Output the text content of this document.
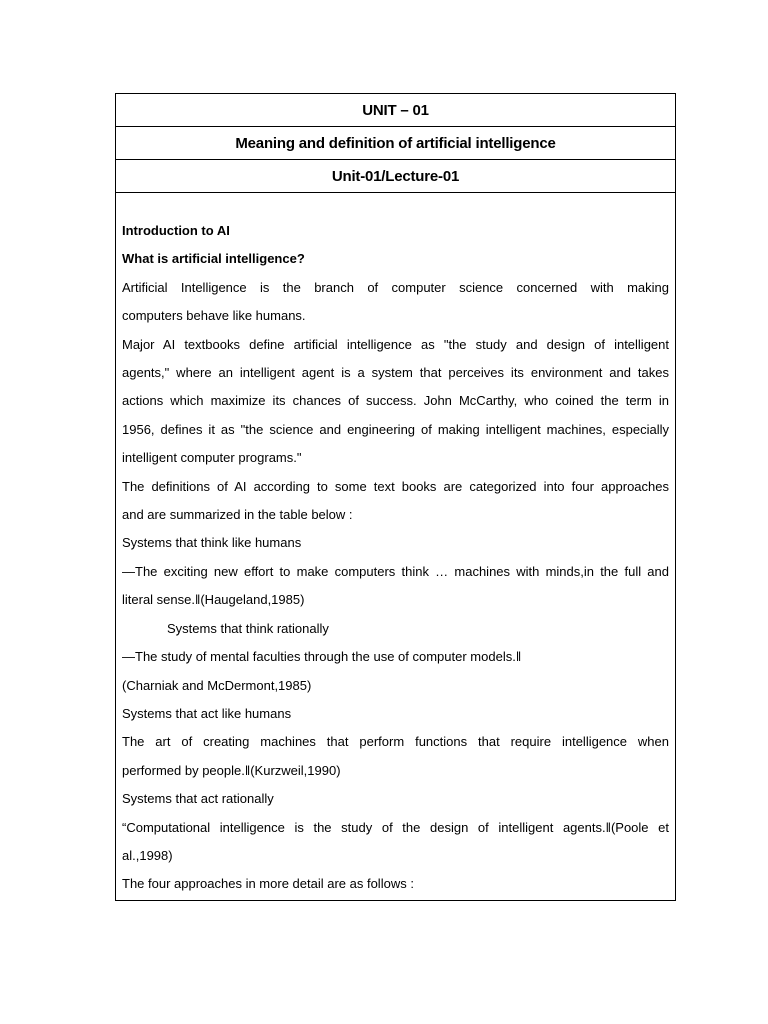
UNIT – 01
Meaning and definition of artificial intelligence
Unit-01/Lecture-01
Introduction to AI
What is artificial intelligence?
Artificial Intelligence is the branch of computer science concerned with making
computers behave like humans.
Major AI textbooks define artificial intelligence as "the study and design of intelligent
agents," where an intelligent agent is a system that perceives its environment and takes
actions which maximize its chances of success. John McCarthy, who coined the term in
1956, defines it as "the science and engineering of making intelligent machines, especially
intelligent computer programs."
The definitions of AI according to some text books are categorized into four approaches
and are summarized in the table below :
Systems that think like humans
—The exciting new effort to make computers think … machines with minds,in the full and
literal sense.‖(Haugeland,1985)
Systems that think rationally
—The study of mental faculties through the use of computer models.‖
(Charniak and McDermont,1985)
Systems that act like humans
The art of creating machines that perform functions that require intelligence when
performed by people.‖(Kurzweil,1990)
Systems that act rationally
“Computational intelligence is the study of the design of intelligent agents.‖(Poole et
al.,1998)
The four approaches in more detail are as follows :
